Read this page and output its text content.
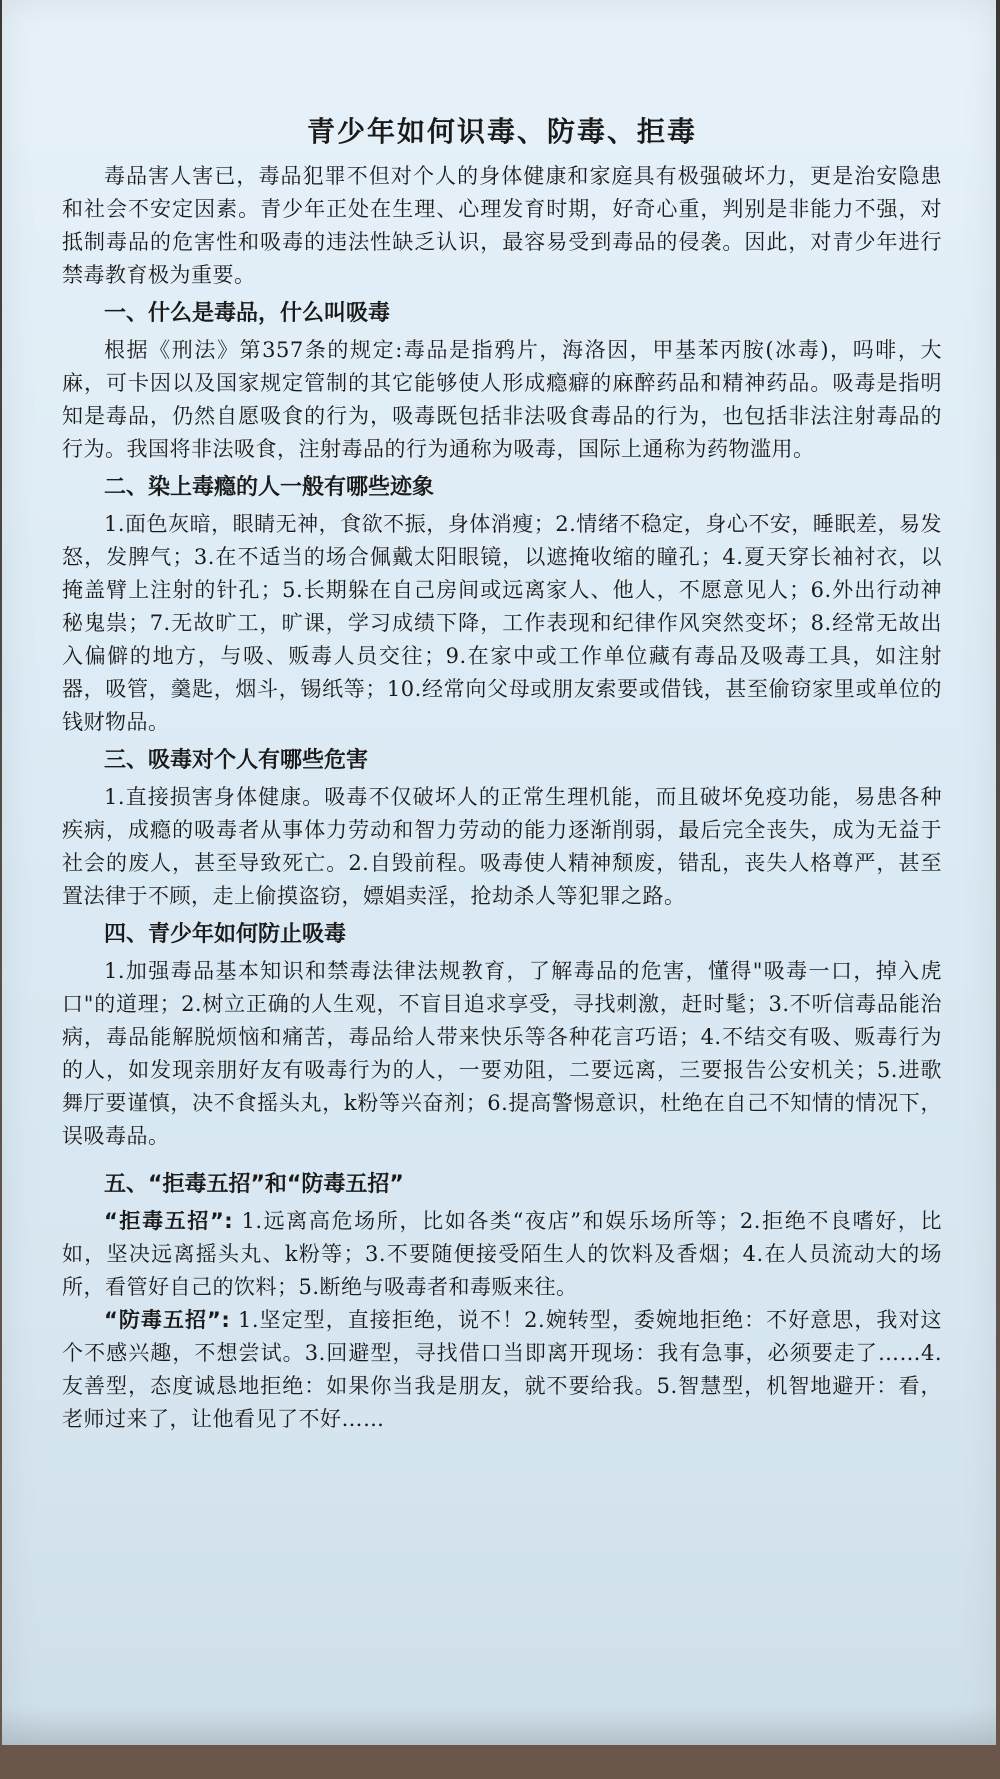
青少年如何识毒、防毒、拒毒

毒品害人害已，毒品犯罪不但对个人的身体健康和家庭具有极强破坏力，更是治安隐患和社会不安定因素。青少年正处在生理、心理发育时期，好奇心重，判别是非能力不强，对抵制毒品的危害性和吸毒的违法性缺乏认识，最容易受到毒品的侵袭。因此，对青少年进行禁毒教育极为重要。

一、什么是毒品，什么叫吸毒

根据《刑法》第357条的规定:毒品是指鸦片，海洛因，甲基苯丙胺(冰毒)，吗啡，大麻，可卡因以及国家规定管制的其它能够使人形成瘾癖的麻醉药品和精神药品。吸毒是指明知是毒品，仍然自愿吸食的行为，吸毒既包括非法吸食毒品的行为，也包括非法注射毒品的行为。我国将非法吸食，注射毒品的行为通称为吸毒，国际上通称为药物滥用。

二、染上毒瘾的人一般有哪些迹象

1.面色灰暗，眼睛无神，食欲不振，身体消瘦；2.情绪不稳定，身心不安，睡眠差，易发怒，发脾气；3.在不适当的场合佩戴太阳眼镜，以遮掩收缩的瞳孔；4.夏天穿长袖衬衣，以掩盖臂上注射的针孔；5.长期躲在自己房间或远离家人、他人，不愿意见人；6.外出行动神秘鬼祟；7.无故旷工，旷课，学习成绩下降，工作表现和纪律作风突然变坏；8.经常无故出入偏僻的地方，与吸、贩毒人员交往；9.在家中或工作单位藏有毒品及吸毒工具，如注射器，吸管，羹匙，烟斗，锡纸等；10.经常向父母或朋友索要或借钱，甚至偷窃家里或单位的钱财物品。

三、吸毒对个人有哪些危害

1.直接损害身体健康。吸毒不仅破坏人的正常生理机能，而且破坏免疫功能，易患各种疾病，成瘾的吸毒者从事体力劳动和智力劳动的能力逐渐削弱，最后完全丧失，成为无益于社会的废人，甚至导致死亡。2.自毁前程。吸毒使人精神颓废，错乱，丧失人格尊严，甚至置法律于不顾，走上偷摸盗窃，嫖娼卖淫，抢劫杀人等犯罪之路。

四、青少年如何防止吸毒

1.加强毒品基本知识和禁毒法律法规教育，了解毒品的危害，懂得"吸毒一口，掉入虎口"的道理；2.树立正确的人生观，不盲目追求享受，寻找刺激，赶时髦；3.不听信毒品能治病，毒品能解脱烦恼和痛苦，毒品给人带来快乐等各种花言巧语；4.不结交有吸、贩毒行为的人，如发现亲朋好友有吸毒行为的人，一要劝阻，二要远离，三要报告公安机关；5.进歌舞厅要谨慎，决不食摇头丸，k粉等兴奋剂；6.提高警惕意识，杜绝在自己不知情的情况下，误吸毒品。

五、“拒毒五招”和“防毒五招”

“拒毒五招”: 1.远离高危场所，比如各类“夜店”和娱乐场所等；2.拒绝不良嗜好，比如，坚决远离摇头丸、k粉等；3.不要随便接受陌生人的饮料及香烟；4.在人员流动大的场所，看管好自己的饮料；5.断绝与吸毒者和毒贩来往。

“防毒五招”: 1.坚定型，直接拒绝，说不！2.婉转型，委婉地拒绝：不好意思，我对这个不感兴趣，不想尝试。3.回避型，寻找借口当即离开现场：我有急事，必须要走了……4.友善型，态度诚恳地拒绝：如果你当我是朋友，就不要给我。5.智慧型，机智地避开：看，老师过来了，让他看见了不好……
